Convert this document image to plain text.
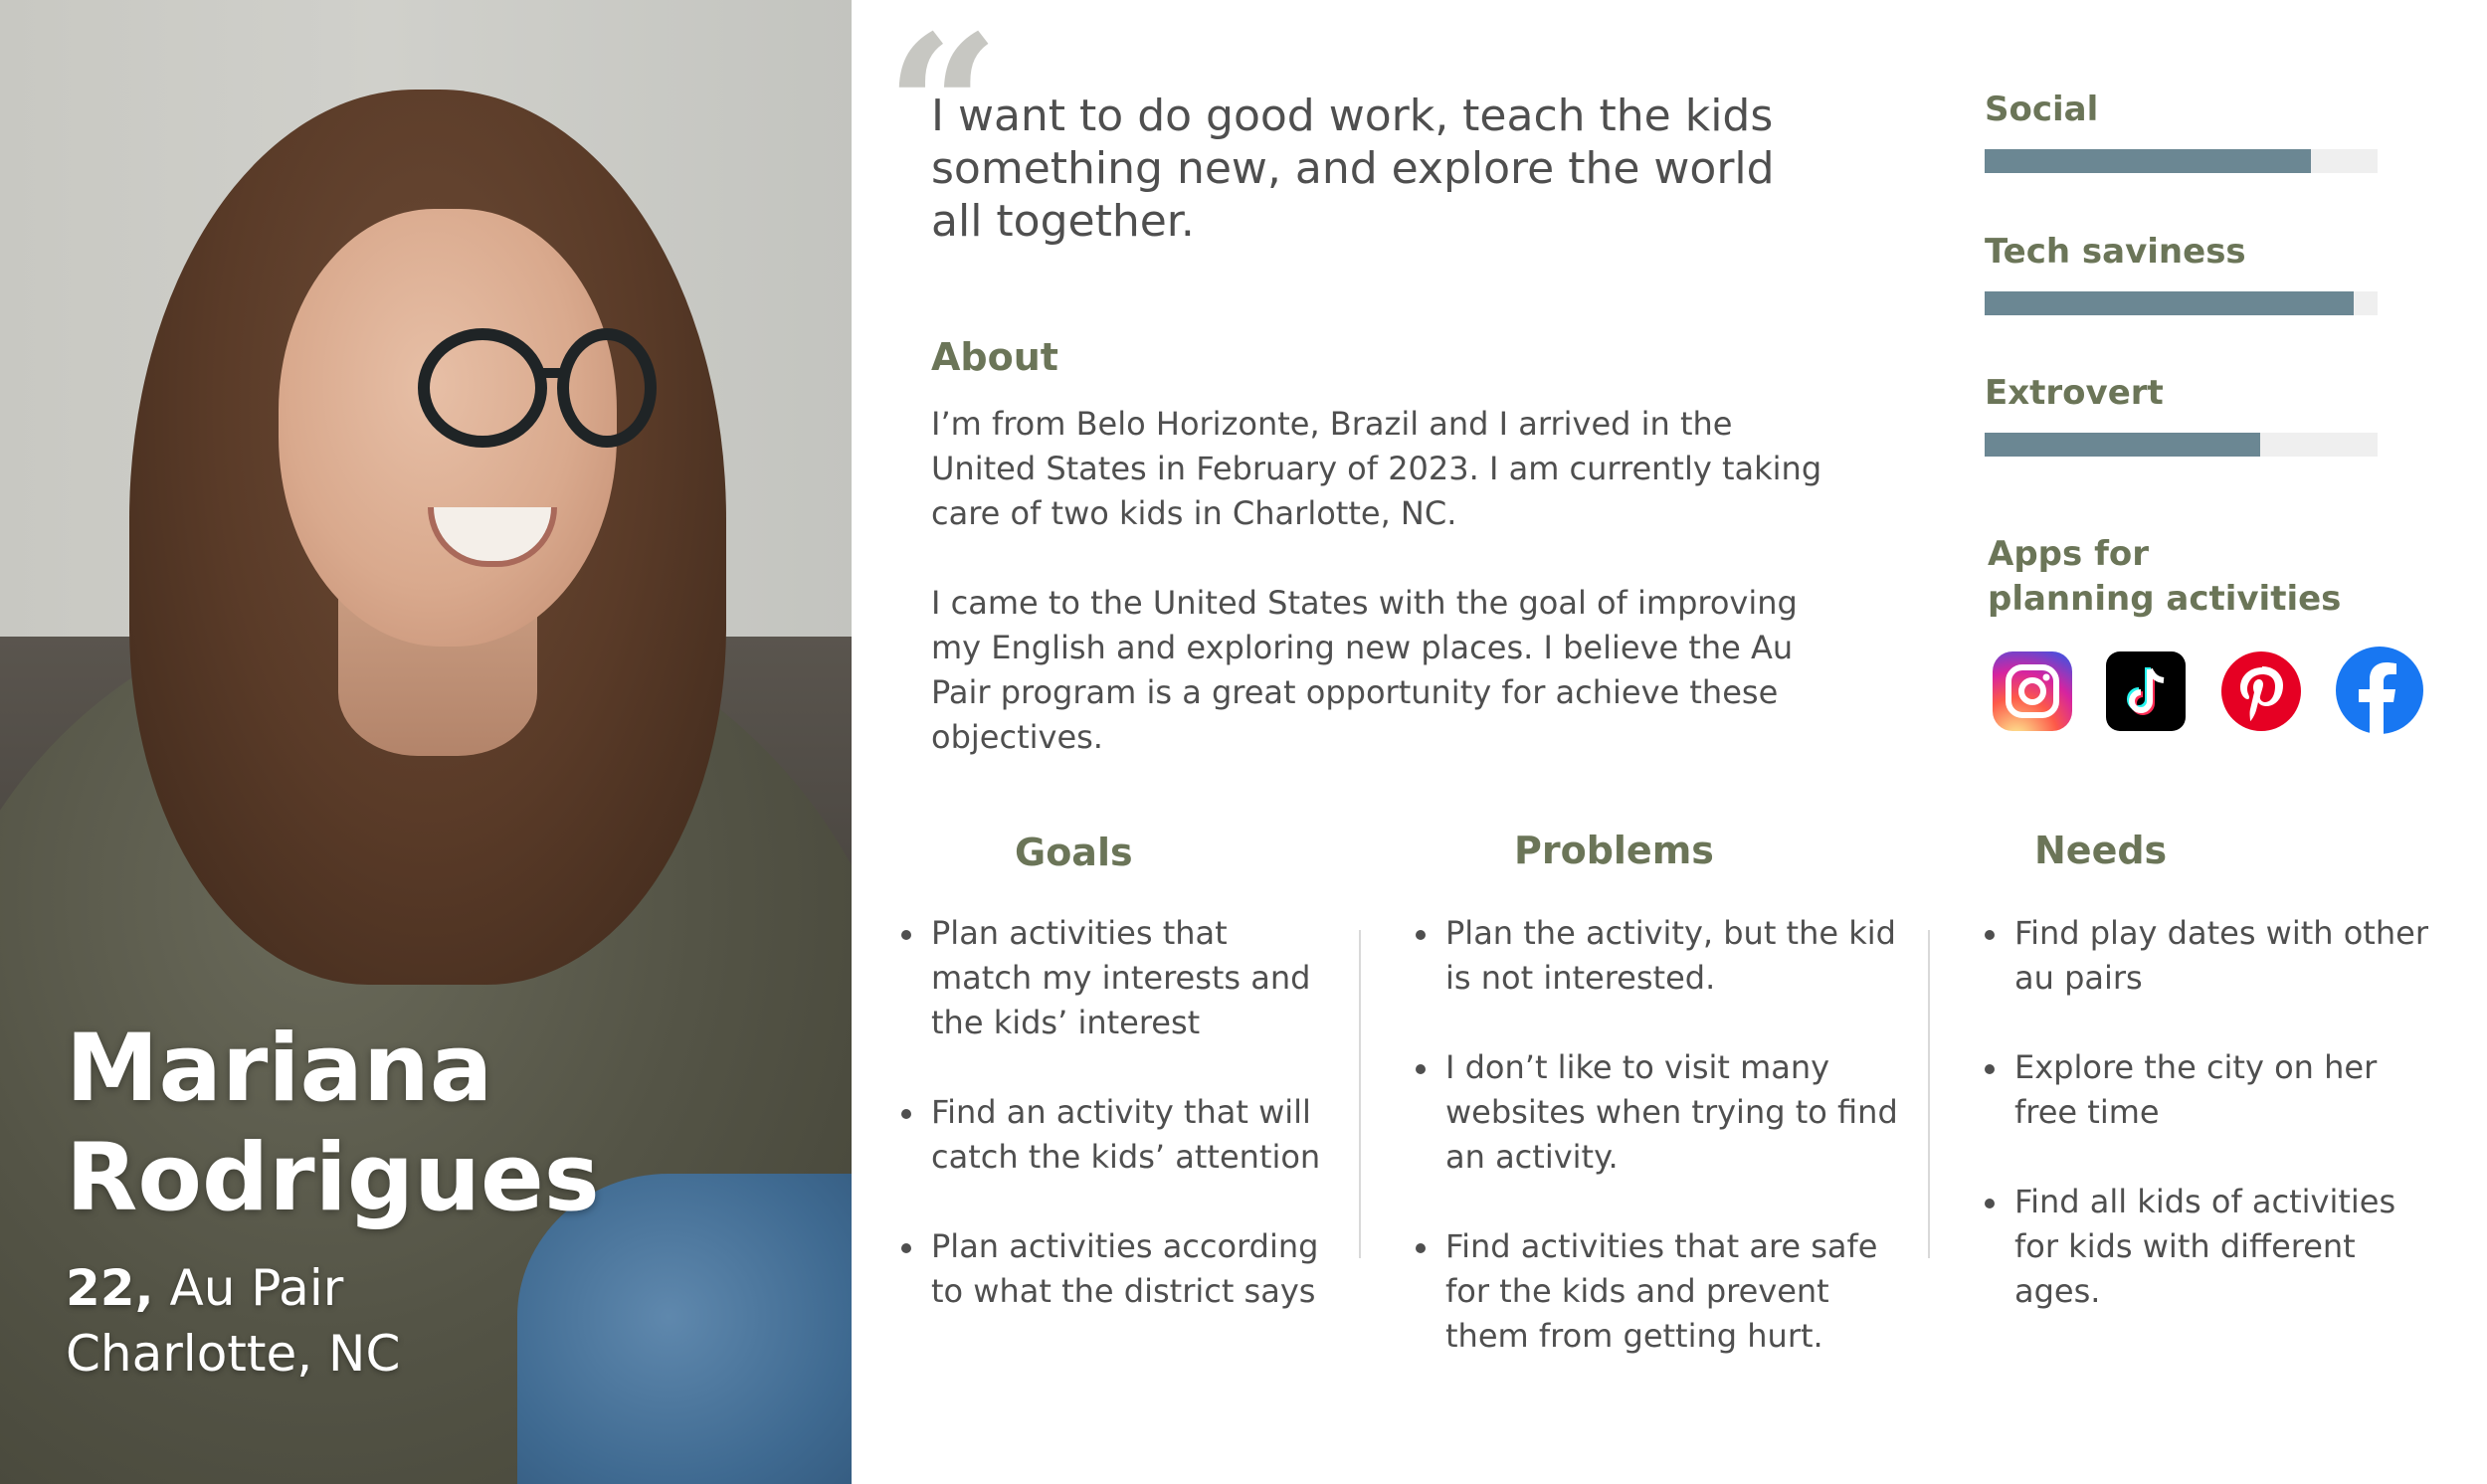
Mariana
Rodrigues
22, Au Pair
Charlotte, NC
“
I want to do good work, teach the kids something new, and explore the world all together.
About
I’m from Belo Horizonte, Brazil and I arrived in the United States in February of 2023. I am currently taking care of two kids in Charlotte, NC.

I came to the United States with the goal of improving my English and exploring new places. I believe the Au Pair program is a great opportunity for achieve these objectives.
Social
Tech saviness
Extrovert
Apps for
planning activities
Goals	Problems	Needs
Plan activities that match my interests and the kids’ interest
Find an activity that will catch the kids’ attention
Plan activities according to what the district says
Plan the activity, but the kid is not interested.
I don’t like to visit many websites when trying to find an activity.
Find activities that are safe for the kids and prevent them from getting hurt.
Find play dates with other au pairs
Explore the city on her free time
Find all kids of activities for kids with different ages.
